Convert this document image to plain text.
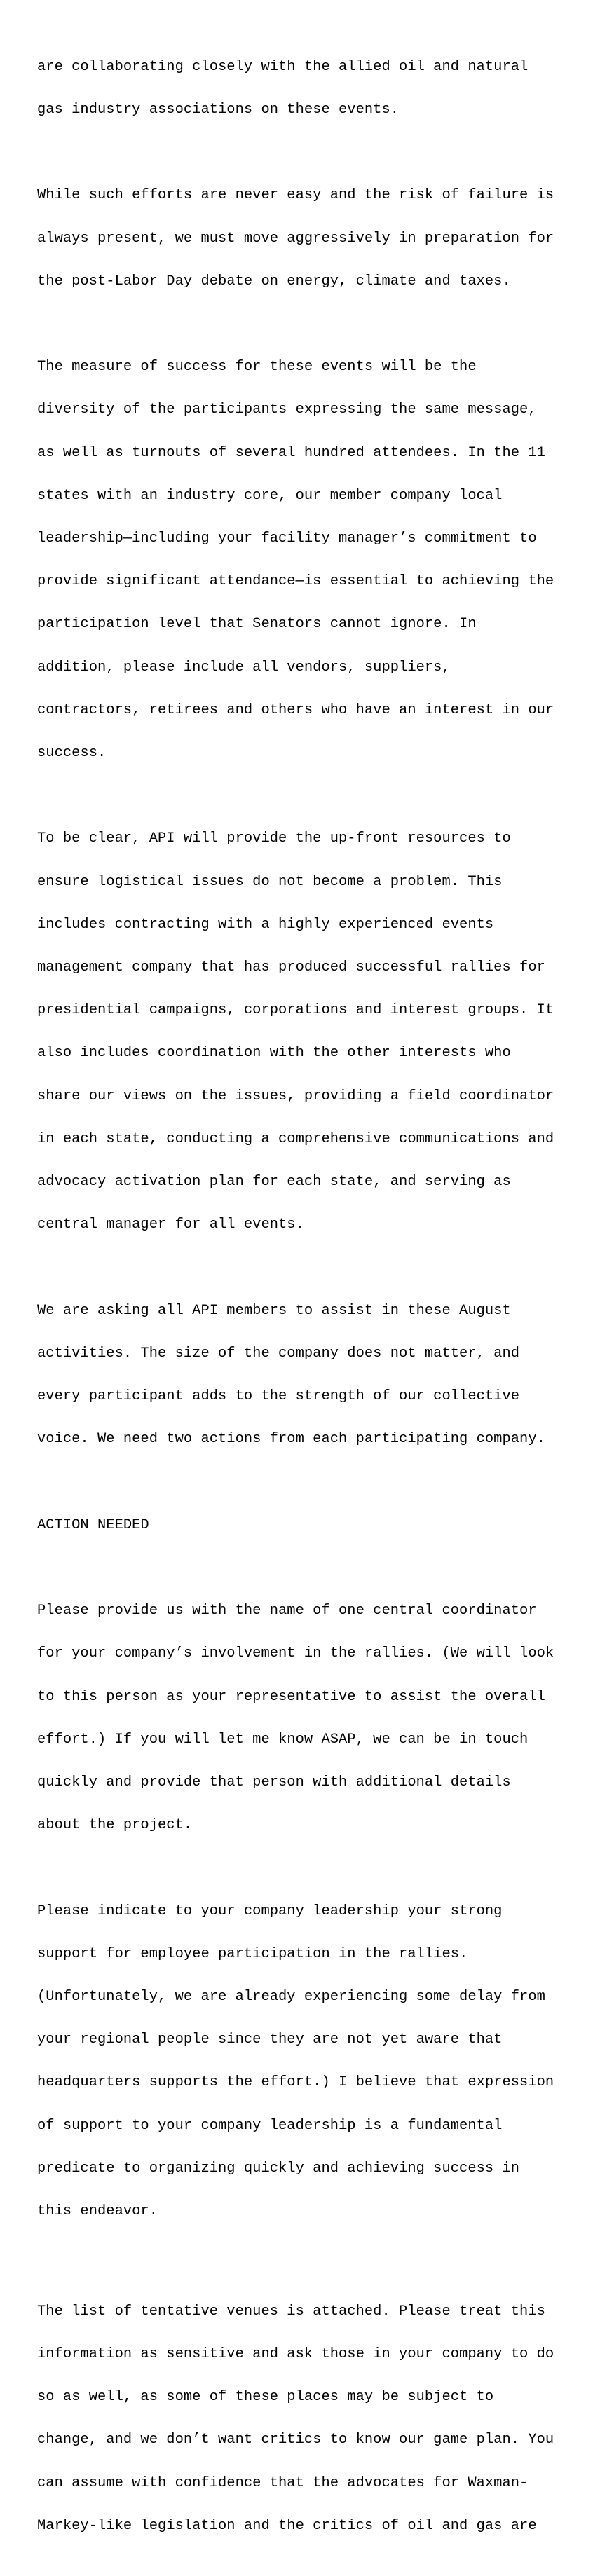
are collaborating closely with the allied oil and natural

gas industry associations on these events.

While such efforts are never easy and the risk of failure is

always present, we must move aggressively in preparation for

the post-Labor Day debate on energy, climate and taxes.

The measure of success for these events will be the

diversity of the participants expressing the same message,

as well as turnouts of several hundred attendees. In the 11

states with an industry core, our member company local

leadership—including your facility manager’s commitment to

provide significant attendance—is essential to achieving the

participation level that Senators cannot ignore. In

addition, please include all vendors, suppliers,

contractors, retirees and others who have an interest in our

success.

To be clear, API will provide the up-front resources to

ensure logistical issues do not become a problem. This

includes contracting with a highly experienced events

management company that has produced successful rallies for

presidential campaigns, corporations and interest groups. It

also includes coordination with the other interests who

share our views on the issues, providing a field coordinator

in each state, conducting a comprehensive communications and

advocacy activation plan for each state, and serving as

central manager for all events.

We are asking all API members to assist in these August

activities. The size of the company does not matter, and

every participant adds to the strength of our collective

voice. We need two actions from each participating company.

ACTION NEEDED

Please provide us with the name of one central coordinator

for your company’s involvement in the rallies. (We will look

to this person as your representative to assist the overall

effort.) If you will let me know ASAP, we can be in touch

quickly and provide that person with additional details

about the project.

Please indicate to your company leadership your strong

support for employee participation in the rallies.

(Unfortunately, we are already experiencing some delay from

your regional people since they are not yet aware that

headquarters supports the effort.) I believe that expression

of support to your company leadership is a fundamental

predicate to organizing quickly and achieving success in

this endeavor.

The list of tentative venues is attached. Please treat this

information as sensitive and ask those in your company to do

so as well, as some of these places may be subject to

change, and we don’t want critics to know our game plan. You

can assume with confidence that the advocates for Waxman-

Markey-like legislation and the critics of oil and gas are
